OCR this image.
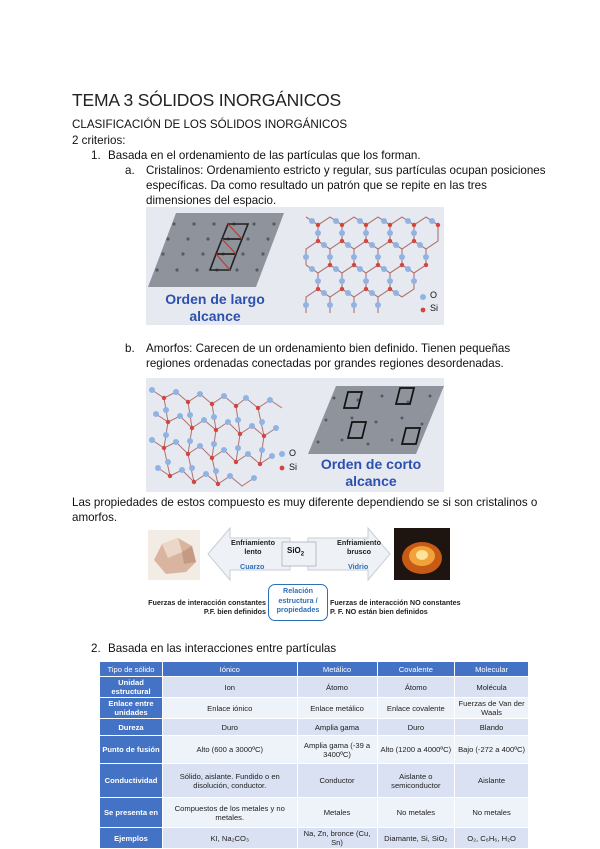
TEMA 3 SÓLIDOS INORGÁNICOS
CLASIFICACIÓN DE LOS SÓLIDOS INORGÁNICOS
2 criterios:
1. Basada en el ordenamiento de las partículas que los forman.
a. Cristalinos: Ordenamiento estricto y regular, sus partículas ocupan posiciones
específicas. Da como resultado un patrón que se repite en las tres
dimensiones del espacio.
O
Si
Orden de largo
alcance
b. Amorfos: Carecen de un ordenamiento bien definido. Tienen pequeñas
regiones ordenadas conectadas por grandes regiones desordenadas.
O
Si	Orden de corto
alcance
Las propiedades de estos compuesto es muy diferente dependiendo se si son cristalinos o
amorfos.
Enfriamiento
lento
Cuarzo
SiO$_2$
Enfriamiento
brusco
Vidrio
Relación
estructura /
propiedades
Fuerzas de interacción constantes
P.F. bien definidos
Fuerzas de interacción NO constantes
P. F. NO están bien definidos
2. Basada en las interacciones entre partículas
Tipo de sólido	Iónico	Metálico	Covalente	Molecular
Unidad estructural	Ion	Átomo	Átomo	Molécula
Enlace entre unidades	Enlace iónico	Enlace metálico	Enlace covalente	Fuerzas de Van der Waals
Dureza	Duro	Amplia gama	Duro	Blando
Punto de fusión	Alto (600 a 3000ºC)	Amplia gama (-39 a 3400ºC)	Alto (1200 a 4000ºC)	Bajo (-272 a 400ºC)
Conductividad	Sólido, aislante. Fundido o en disolución, conductor.	Conductor	Aislante o semiconductor	Aislante
Se presenta en	Compuestos de los metales y no metales.	Metales	No metales	No metales
Ejemplos	KI, Na₂CO₃	Na, Zn, bronce (Cu, Sn)	Diamante, Si, SiO₂	O₂, C₆H₆, H₂O
